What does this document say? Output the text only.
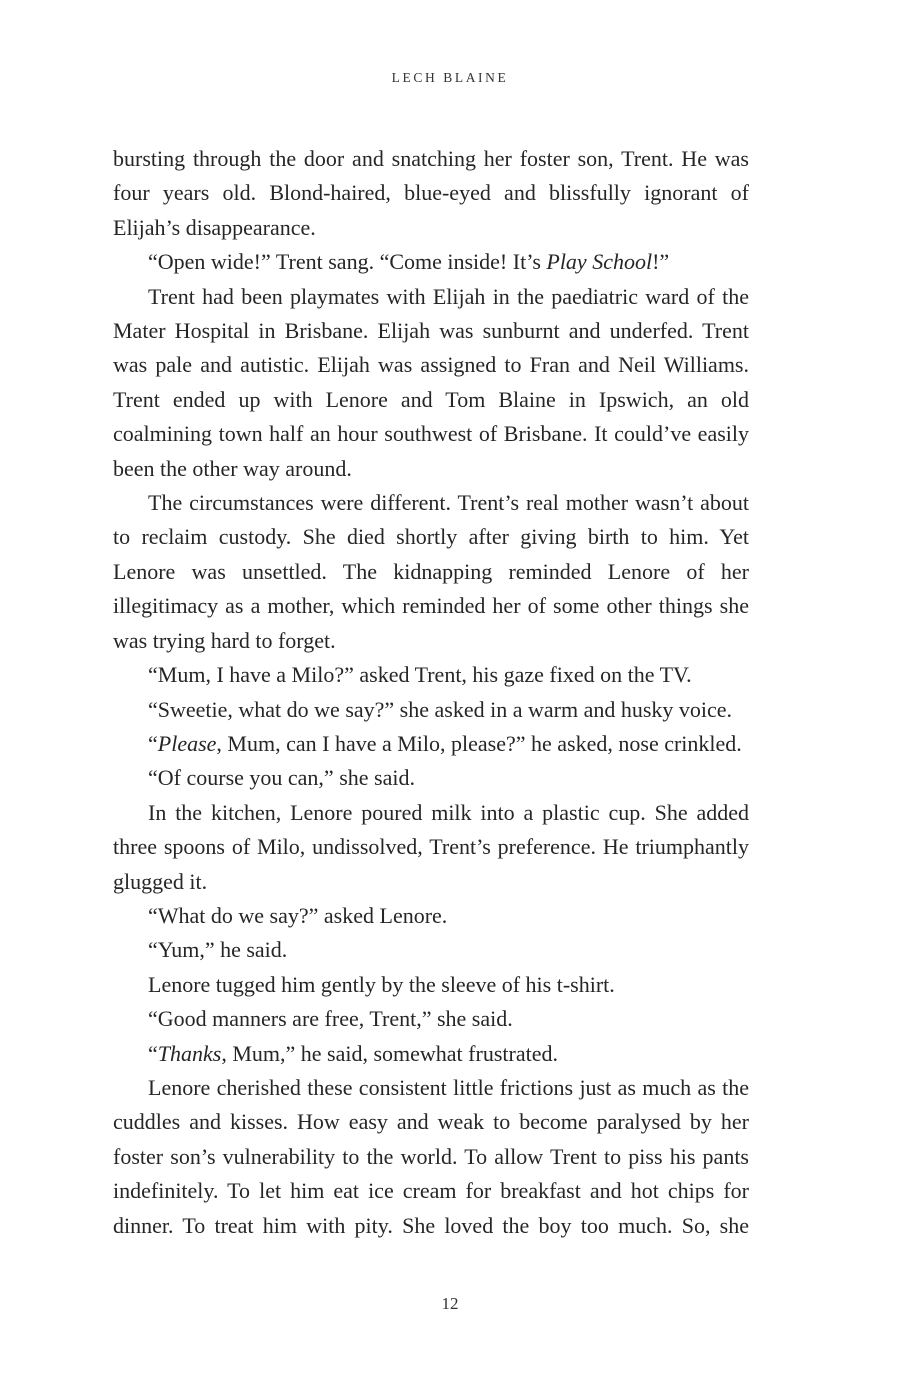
LECH BLAINE

bursting through the door and snatching her foster son, Trent. He was four years old. Blond-haired, blue-eyed and blissfully ignorant of Elijah’s disappearance.

“Open wide!” Trent sang. “Come inside! It’s Play School!”

Trent had been playmates with Elijah in the paediatric ward of the Mater Hospital in Brisbane. Elijah was sunburnt and underfed. Trent was pale and autistic. Elijah was assigned to Fran and Neil Williams. Trent ended up with Lenore and Tom Blaine in Ipswich, an old coalmining town half an hour southwest of Brisbane. It could’ve easily been the other way around.

The circumstances were different. Trent’s real mother wasn’t about to reclaim custody. She died shortly after giving birth to him. Yet Lenore was unsettled. The kidnapping reminded Lenore of her illegitimacy as a mother, which reminded her of some other things she was trying hard to forget.

“Mum, I have a Milo?” asked Trent, his gaze fixed on the TV.

“Sweetie, what do we say?” she asked in a warm and husky voice.

“Please, Mum, can I have a Milo, please?” he asked, nose crinkled.

“Of course you can,” she said.

In the kitchen, Lenore poured milk into a plastic cup. She added three spoons of Milo, undissolved, Trent’s preference. He triumphantly glugged it.

“What do we say?” asked Lenore.

“Yum,” he said.

Lenore tugged him gently by the sleeve of his t-shirt.

“Good manners are free, Trent,” she said.

“Thanks, Mum,” he said, somewhat frustrated.

Lenore cherished these consistent little frictions just as much as the cuddles and kisses. How easy and weak to become paralysed by her foster son’s vulnerability to the world. To allow Trent to piss his pants indefinitely. To let him eat ice cream for breakfast and hot chips for dinner. To treat him with pity. She loved the boy too much. So, she

12
